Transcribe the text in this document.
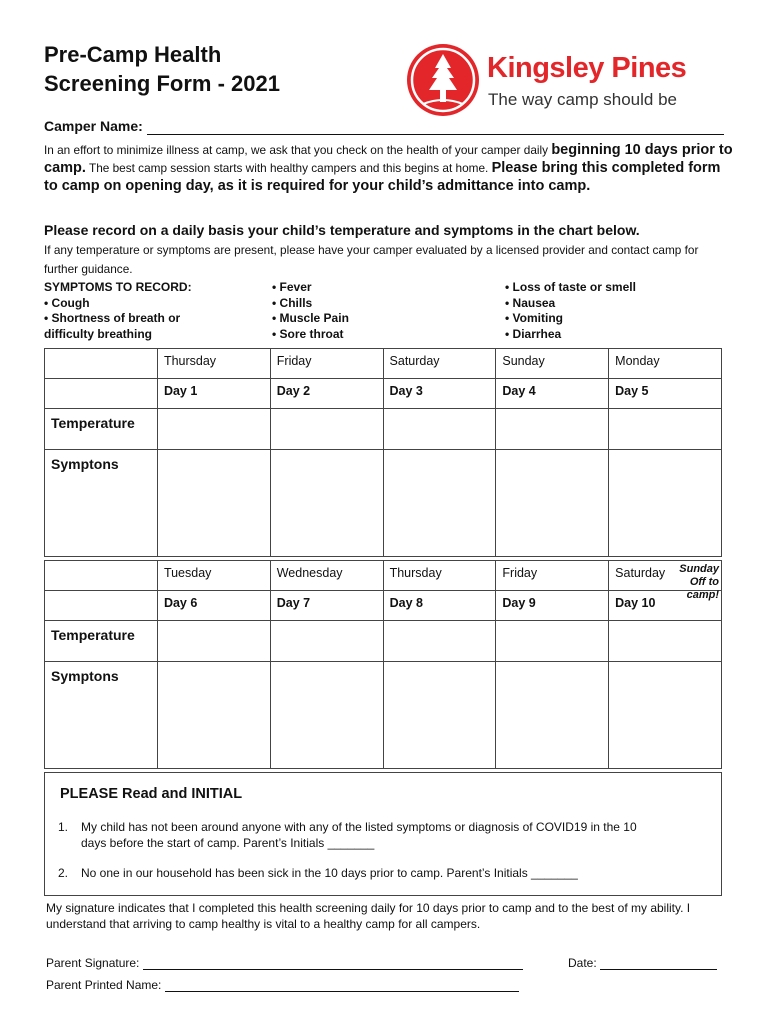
Pre-Camp Health
Screening Form - 2021	Kingsley Pines
The way camp should be
Camper Name:
In an effort to minimize illness at camp, we ask that you check on the health of your camper daily beginning 10 days prior to camp. The best camp session starts with healthy campers and this begins at home. Please bring this completed form to camp on opening day, as it is required for your child’s admittance into camp.
Please record on a daily basis your child’s temperature and symptoms in the chart below.
If any temperature or symptoms are present, please have your camper evaluated by a licensed provider and contact camp for further guidance.
SYMPTOMS TO RECORD:
• Cough
• Shortness of breath or
difficulty breathing
• Fever
• Chills
• Muscle Pain
• Sore throat
• Loss of taste or smell
• Nausea
• Vomiting
• Diarrhea
	Thursday	Friday	Saturday	Sunday	Monday
	Day 1	Day 2	Day 3	Day 4	Day 5
Temperature					
Symptons					
	Tuesday	Wednesday	Thursday	Friday	Saturday Sunday
Off to
camp!

	Day 6	Day 7	Day 8	Day 9	Day 10
Temperature					
Symptons					
PLEASE Read and INITIAL
1. My child has not been around anyone with any of the listed symptoms or diagnosis of COVID19 in the 10
days before the start of camp. Parent’s Initials _______
2. No one in our household has been sick in the 10 days prior to camp. Parent’s Initials _______
My signature indicates that I completed this health screening daily for 10 days prior to camp and to the best of my ability. I understand that arriving to camp healthy is vital to a healthy camp for all campers.
Parent Signature:	Date:
Parent Printed Name:
